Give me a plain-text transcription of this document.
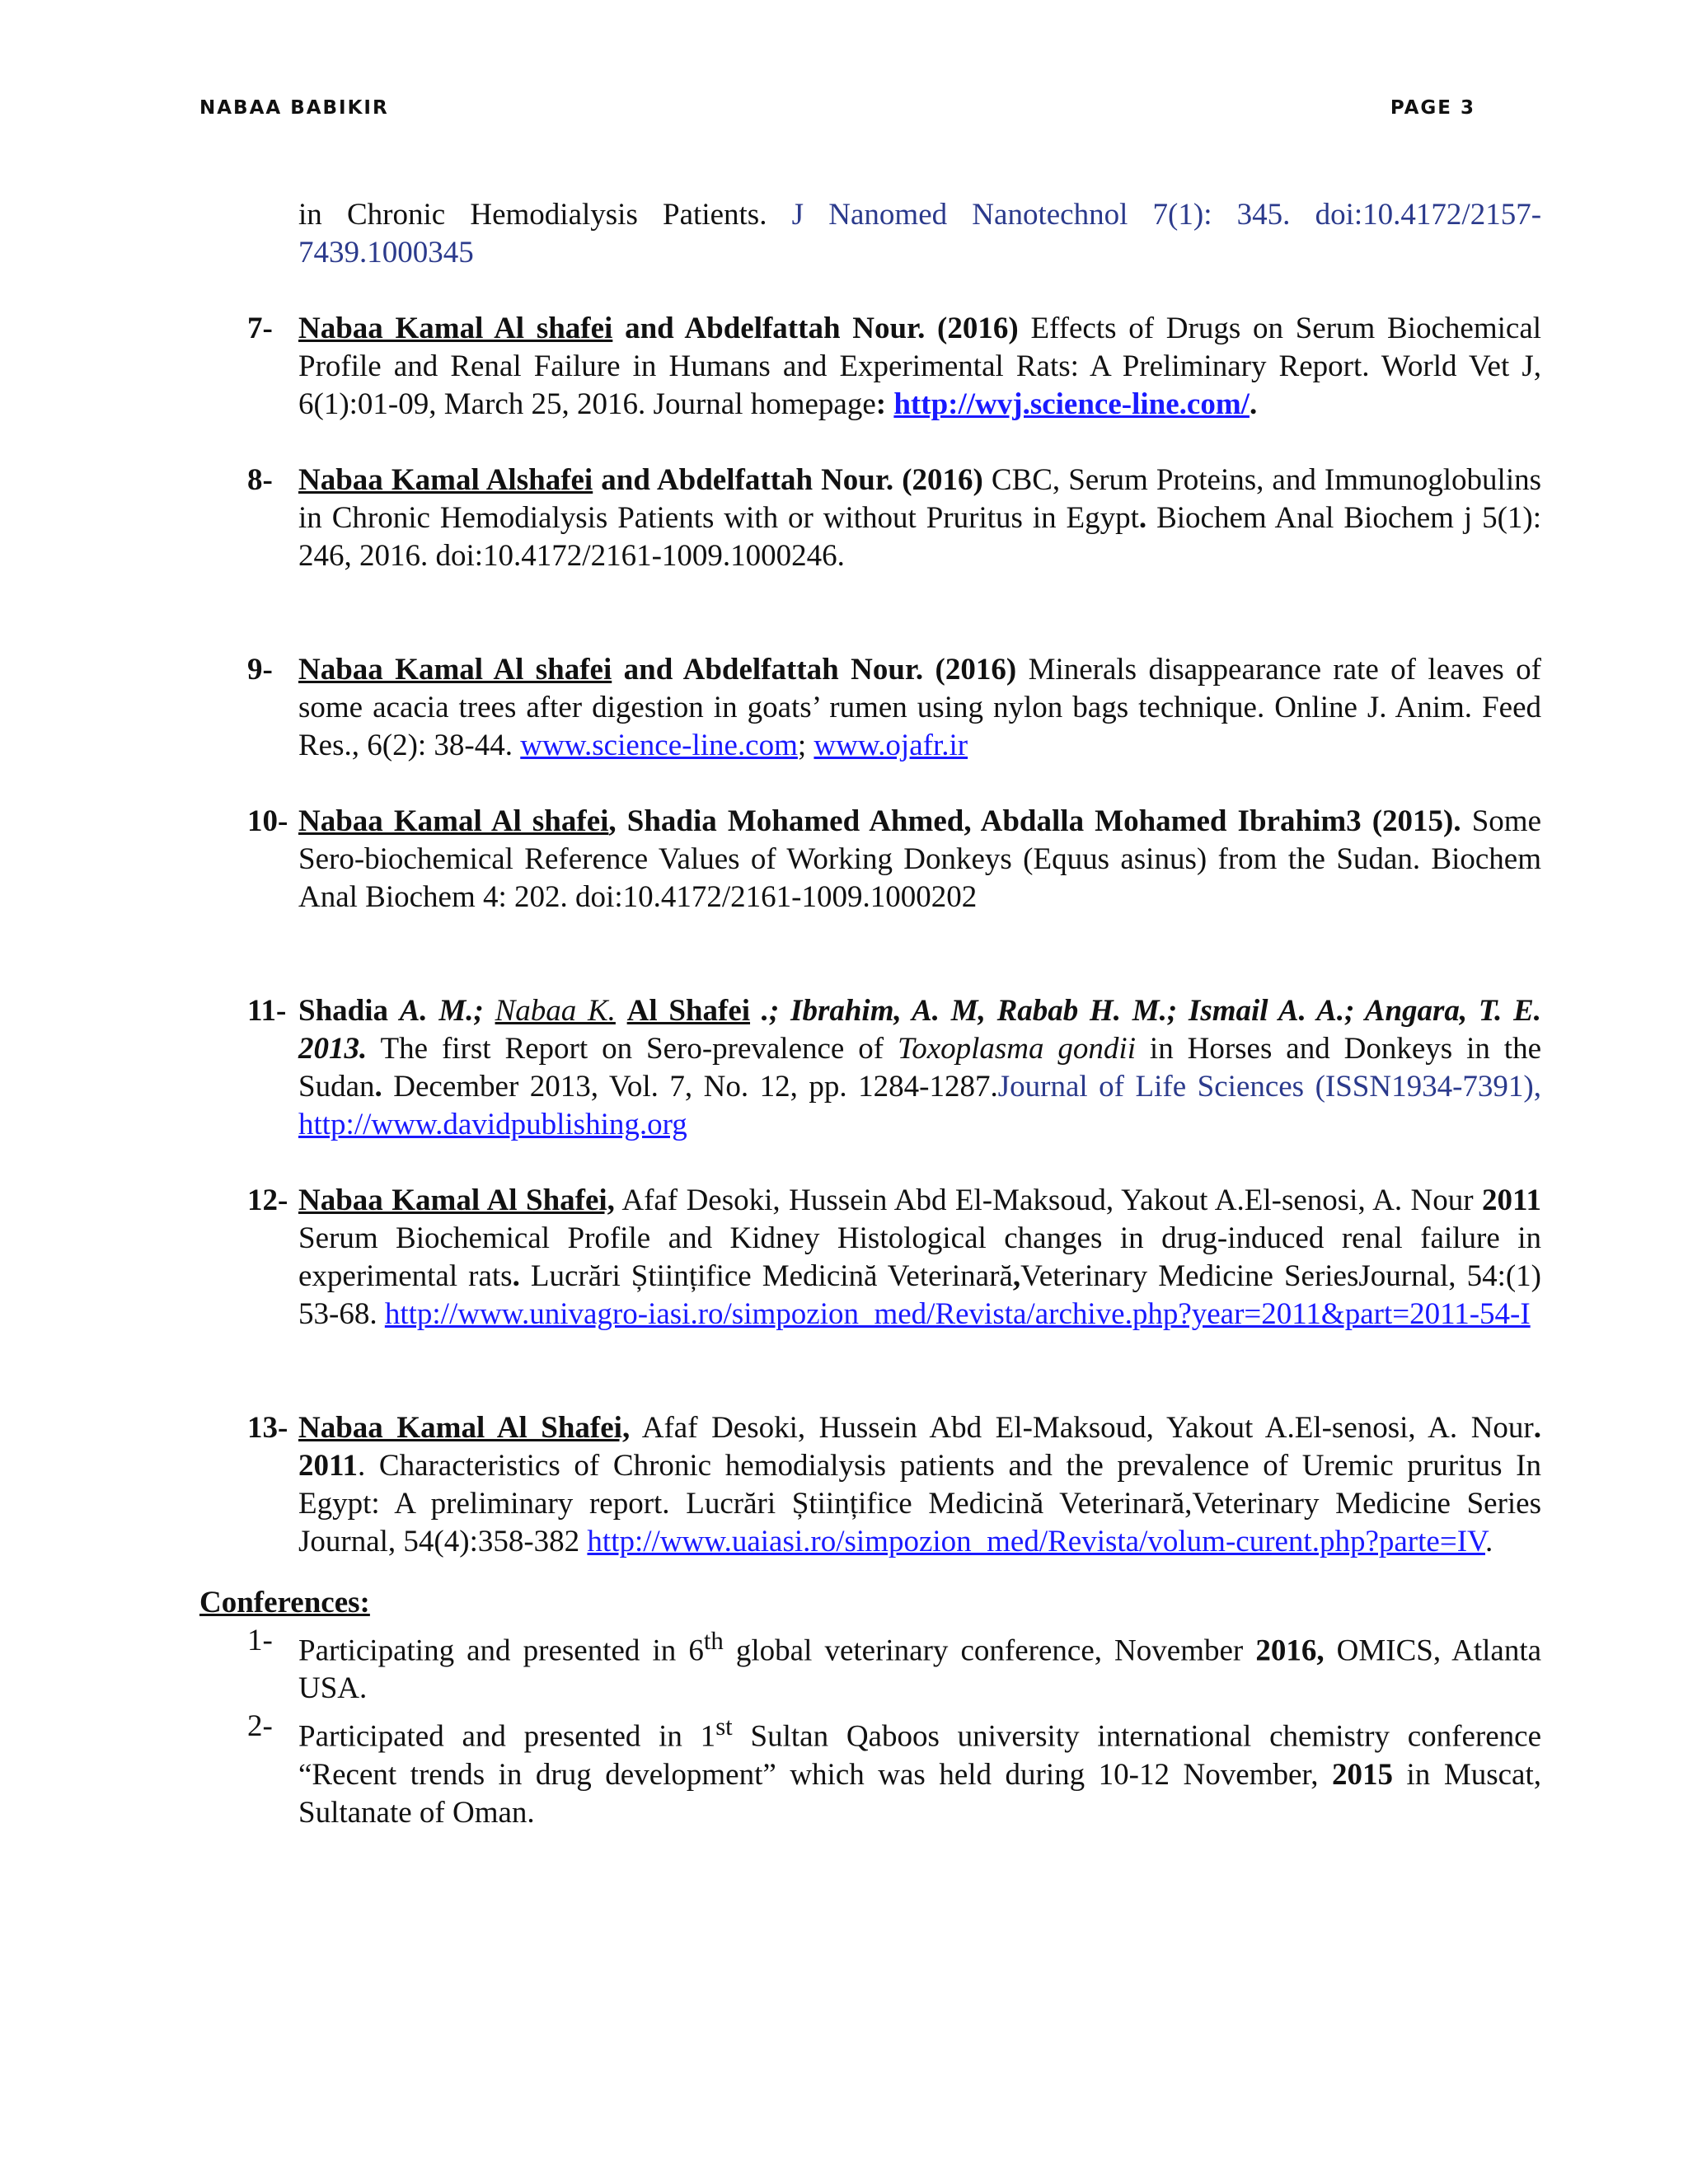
NABAA BABIKIR	PAGE 3
in Chronic Hemodialysis Patients. J Nanomed Nanotechnol 7(1): 345. doi:10.4172/2157-7439.1000345
7- Nabaa Kamal Al shafei and Abdelfattah Nour. (2016) Effects of Drugs on Serum Biochemical Profile and Renal Failure in Humans and Experimental Rats: A Preliminary Report. World Vet J, 6(1):01-09, March 25, 2016. Journal homepage: http://wvj.science-line.com/.
8- Nabaa Kamal Alshafei and Abdelfattah Nour. (2016) CBC, Serum Proteins, and Immunoglobulins in Chronic Hemodialysis Patients with or without Pruritus in Egypt. Biochem Anal Biochem j 5(1): 246, 2016. doi:10.4172/2161-1009.1000246.
9- Nabaa Kamal Al shafei and Abdelfattah Nour. (2016) Minerals disappearance rate of leaves of some acacia trees after digestion in goats’ rumen using nylon bags technique. Online J. Anim. Feed Res., 6(2): 38-44. www.science-line.com; www.ojafr.ir
10- Nabaa Kamal Al shafei, Shadia Mohamed Ahmed, Abdalla Mohamed Ibrahim3 (2015). Some Sero-biochemical Reference Values of Working Donkeys (Equus asinus) from the Sudan. Biochem Anal Biochem 4: 202. doi:10.4172/2161-1009.1000202
11- Shadia A. M.; Nabaa K. Al Shafei .; Ibrahim, A. M, Rabab H. M.; Ismail A. A.; Angara, T. E. 2013. The first Report on Sero-prevalence of Toxoplasma gondii in Horses and Donkeys in the Sudan. December 2013, Vol. 7, No. 12, pp. 1284-1287.Journal of Life Sciences (ISSN1934-7391), http://www.davidpublishing.org
12- Nabaa Kamal Al Shafei, Afaf Desoki, Hussein Abd El-Maksoud, Yakout A.El-senosi, A. Nour 2011 Serum Biochemical Profile and Kidney Histological changes in drug-induced renal failure in experimental rats. Lucrări Științifice Medicină Veterinară,Veterinary Medicine SeriesJournal, 54:(1) 53-68. http://www.univagro-iasi.ro/simpozion_med/Revista/archive.php?year=2011&part=2011-54-I
13- Nabaa Kamal Al Shafei, Afaf Desoki, Hussein Abd El-Maksoud, Yakout A.El-senosi, A. Nour. 2011. Characteristics of Chronic hemodialysis patients and the prevalence of Uremic pruritus In Egypt: A preliminary report. Lucrări Științifice Medicină Veterinară,Veterinary Medicine Series Journal, 54(4):358-382 http://www.uaiasi.ro/simpozion_med/Revista/volum-curent.php?parte=IV.
Conferences:
1- Participating and presented in 6th global veterinary conference, November 2016, OMICS, Atlanta USA.
2- Participated and presented in 1st Sultan Qaboos university international chemistry conference “Recent trends in drug development” which was held during 10-12 November, 2015 in Muscat, Sultanate of Oman.
